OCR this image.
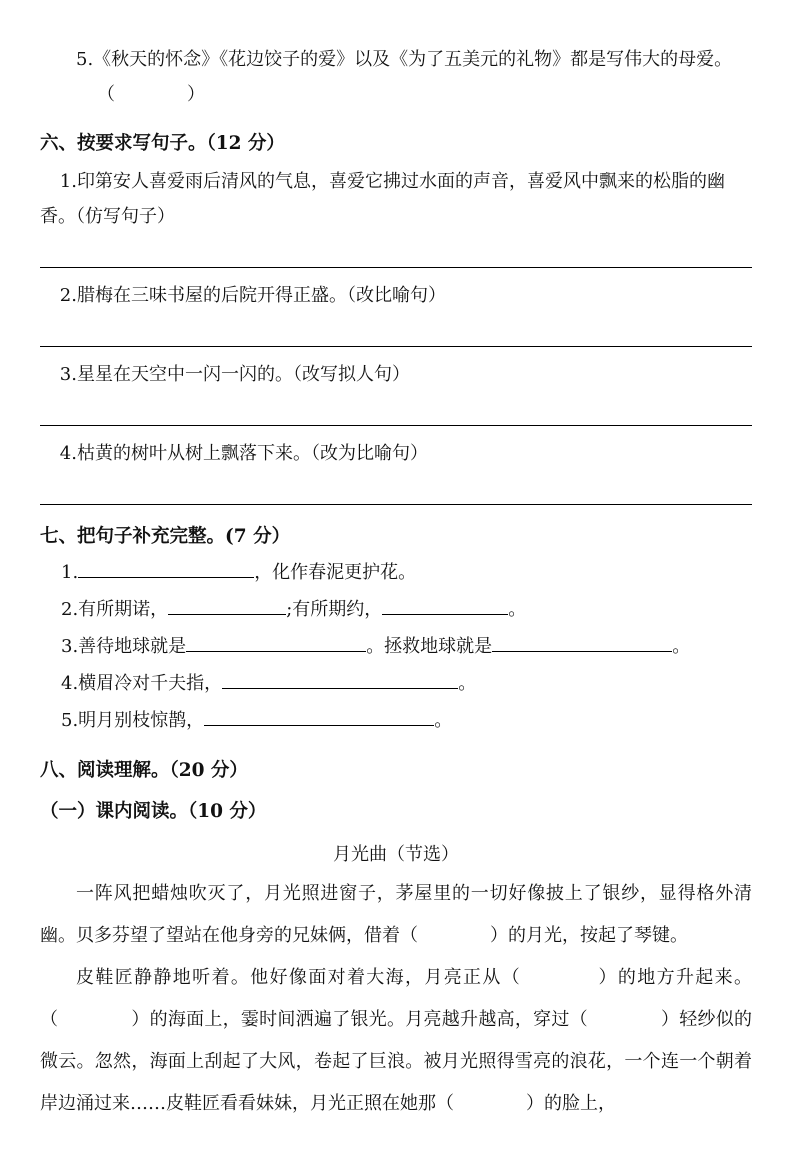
5.《秋天的怀念》《花边饺子的爱》以及《为了五美元的礼物》都是写伟大的母爱。（　　　　）
六、按要求写句子。（12 分）
1.印第安人喜爱雨后清风的气息，喜爱它拂过水面的声音，喜爱风中飘来的松脂的幽香。（仿写句子）
2.腊梅在三味书屋的后院开得正盛。（改比喻句）
3.星星在天空中一闪一闪的。（改写拟人句）
4.枯黄的树叶从树上飘落下来。（改为比喻句）
七、把句子补充完整。(7 分）
1.	，化作春泥更护花。
2.有所期诺，	;有所期约，	。
3.善待地球就是	。拯救地球就是	。
4.横眉冷对千夫指，	。
5.明月别枝惊鹊，	。
八、阅读理解。（20 分）
（一）课内阅读。（10 分）
月光曲（节选）

一阵风把蜡烛吹灭了，月光照进窗子，茅屋里的一切好像披上了银纱，显得格外清幽。贝多芬望了望站在他身旁的兄妹俩，借着（　　　　）的月光，按起了琴键。

皮鞋匠静静地听着。他好像面对着大海，月亮正从（　　　　）的地方升起来。（　　　　）的海面上，霎时间洒遍了银光。月亮越升越高，穿过（　　　　）轻纱似的微云。忽然，海面上刮起了大风，卷起了巨浪。被月光照得雪亮的浪花，一个连一个朝着岸边涌过来……皮鞋匠看看妹妹，月光正照在她那（　　　　）的脸上，
